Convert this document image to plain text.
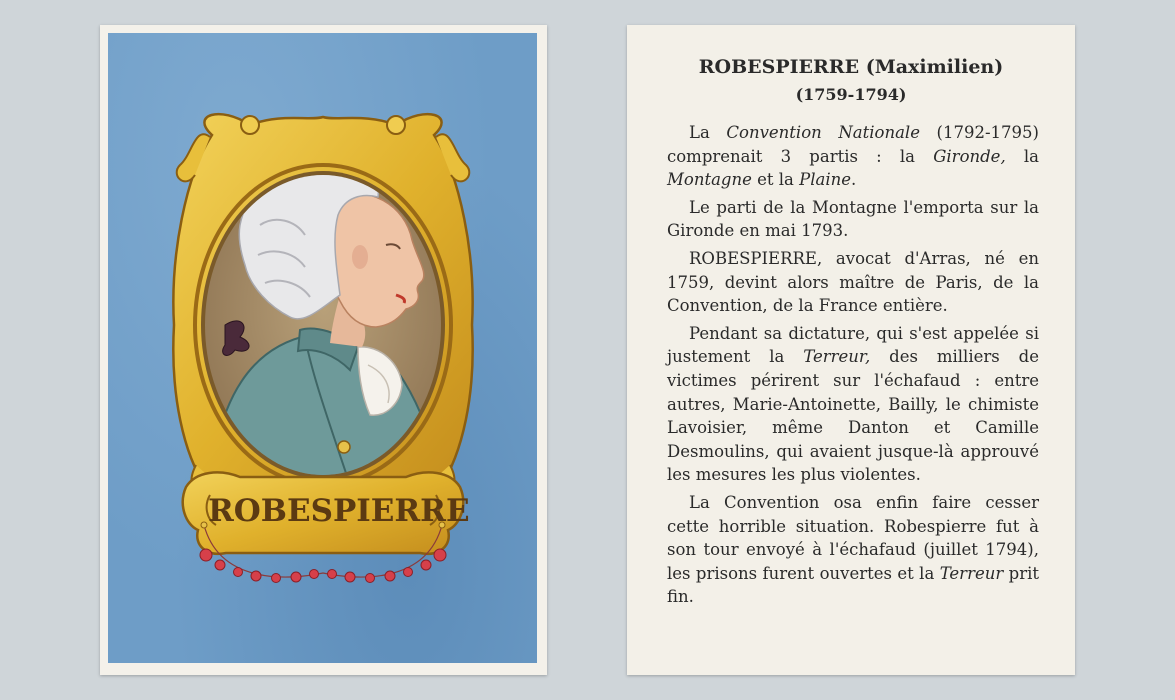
ROBESPIERRE
ROBESPIERRE (Maximilien)
(1759-1794)

La Convention Nationale (1792-1795) comprenait 3 partis : la Gironde, la Montagne et la Plaine.

Le parti de la Montagne l'emporta sur la Gironde en mai 1793.

ROBESPIERRE, avocat d'Arras, né en 1759, devint alors maître de Paris, de la Convention, de la France entière.

Pendant sa dictature, qui s'est appelée si justement la Terreur, des milliers de victimes périrent sur l'échafaud : entre autres, Marie-Antoinette, Bailly, le chimiste Lavoisier, même Danton et Camille Desmoulins, qui avaient jusque-là approuvé les mesures les plus violentes.

La Convention osa enfin faire cesser cette horrible situation. Robespierre fut à son tour envoyé à l'échafaud (juillet 1794), les prisons furent ouvertes et la Terreur prit fin.
